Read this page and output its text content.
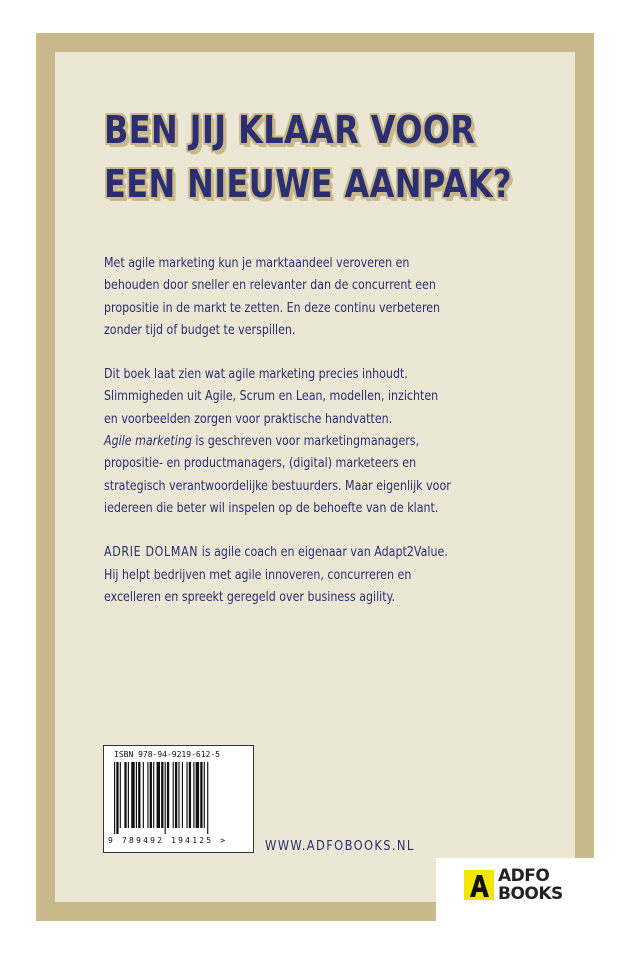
BEN JIJ KLAAR VOOR
EEN NIEUWE AANPAK?

Met agile marketing kun je marktaandeel veroveren en
behouden door sneller en relevanter dan de concurrent een
propositie in de markt te zetten. En deze continu verbeteren
zonder tijd of budget te verspillen.

Dit boek laat zien wat agile marketing precies inhoudt.
Slimmigheden uit Agile, Scrum en Lean, modellen, inzichten
en voorbeelden zorgen voor praktische handvatten.
Agile marketing is geschreven voor marketingmanagers,
propositie- en productmanagers, (digital) marketeers en
strategisch verantwoordelijke bestuurders. Maar eigenlijk voor
iedereen die beter wil inspelen op de behoefte van de klant.

ADRIE DOLMAN is agile coach en eigenaar van Adapt2Value.
Hij helpt bedrijven met agile innoveren, concurreren en
excelleren en spreekt geregeld over business agility.

ISBN 978-94-9219-612-5
9 789492 194125 >	WWW.ADFOBOOKS.NL
ADFO
BOOKS
